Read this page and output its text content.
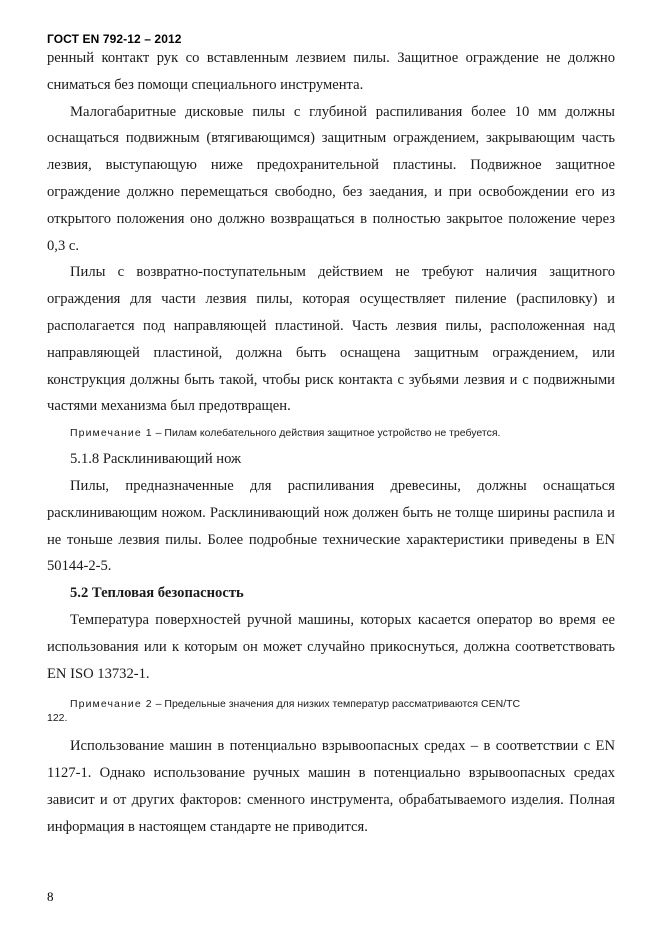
ГОСТ EN 792-12 – 2012

ренный контакт рук со вставленным лезвием пилы. Защитное ограждение не должно сниматься без помощи специального инструмента.

Малогабаритные дисковые пилы с глубиной распиливания более 10 мм должны оснащаться подвижным (втягивающимся) защитным ограждением, закрывающим часть лезвия, выступающую ниже предохранительной пластины. Подвижное защитное ограждение должно перемещаться свободно, без заедания, и при освобождении его из открытого положения оно должно возвращаться в полностью закрытое положение через 0,3 с.

Пилы с возвратно-поступательным действием не требуют наличия защитного ограждения для части лезвия пилы, которая осуществляет пиление (распиловку) и располагается под направляющей пластиной. Часть лезвия пилы, расположенная над направляющей пластиной, должна быть оснащена защитным ограждением, или конструкция должны быть такой, чтобы риск контакта с зубьями лезвия и с подвижными частями механизма был предотвращен.

Примечание 1 – Пилам колебательного действия защитное устройство не требуется.

5.1.8 Расклинивающий нож

Пилы, предназначенные для распиливания древесины, должны оснащаться расклинивающим ножом. Расклинивающий нож должен быть не толще ширины распила и не тоньше лезвия пилы. Более подробные технические характеристики приведены в EN 50144-2-5.

5.2 Тепловая безопасность

Температура поверхностей ручной машины, которых касается оператор во время ее использования или к которым он может случайно прикоснуться, должна соответствовать EN ISO 13732-1.

Примечание 2 – Предельные значения для низких температур рассматриваются CEN/TC
122.

Использование машин в потенциально взрывоопасных средах – в соответствии с EN 1127-1. Однако использование ручных машин в потенциально взрывоопасных средах зависит и от других факторов: сменного инструмента, обрабатываемого изделия. Полная информация в настоящем стандарте не приводится.

8
